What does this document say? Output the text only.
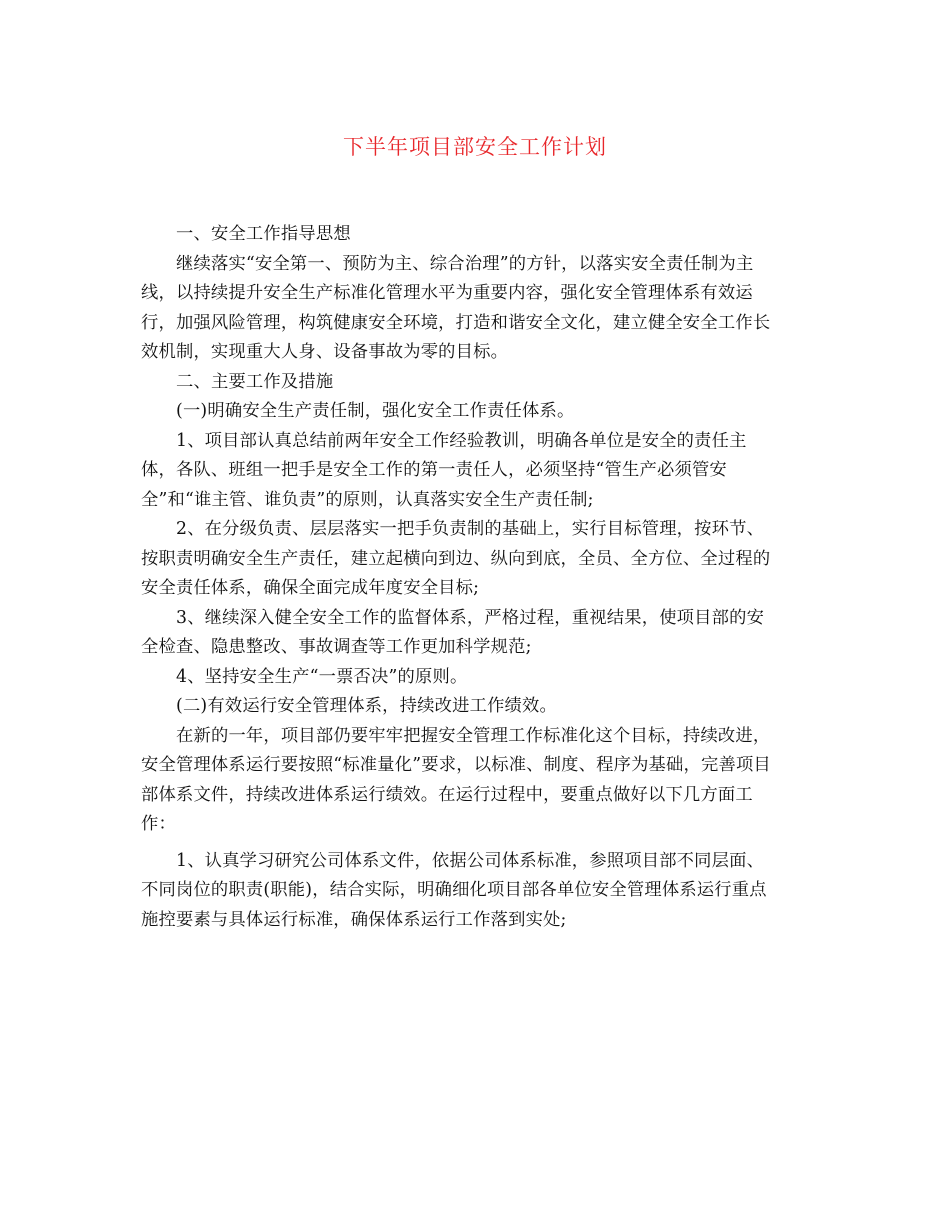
下半年项目部安全工作计划
一、安全工作指导思想
继续落实“安全第一、预防为主、综合治理”的方针，以落实安全责任制为主
线，以持续提升安全生产标准化管理水平为重要内容，强化安全管理体系有效运
行，加强风险管理，构筑健康安全环境，打造和谐安全文化，建立健全安全工作长
效机制，实现重大人身、设备事故为零的目标。
二、主要工作及措施
(一)明确安全生产责任制，强化安全工作责任体系。
1、项目部认真总结前两年安全工作经验教训，明确各单位是安全的责任主
体，各队、班组一把手是安全工作的第一责任人，必须坚持“管生产必须管安
全”和“谁主管、谁负责”的原则，认真落实安全生产责任制;
2、在分级负责、层层落实一把手负责制的基础上，实行目标管理，按环节、
按职责明确安全生产责任，建立起横向到边、纵向到底，全员、全方位、全过程的
安全责任体系，确保全面完成年度安全目标;
3、继续深入健全安全工作的监督体系，严格过程，重视结果，使项目部的安
全检查、隐患整改、事故调查等工作更加科学规范;
4、坚持安全生产“一票否决”的原则。
(二)有效运行安全管理体系，持续改进工作绩效。
在新的一年，项目部仍要牢牢把握安全管理工作标准化这个目标，持续改进，
安全管理体系运行要按照“标准量化”要求，以标准、制度、程序为基础，完善项目
部体系文件，持续改进体系运行绩效。在运行过程中，要重点做好以下几方面工
作：
1、认真学习研究公司体系文件，依据公司体系标准，参照项目部不同层面、
不同岗位的职责(职能)，结合实际，明确细化项目部各单位安全管理体系运行重点
施控要素与具体运行标准，确保体系运行工作落到实处;
